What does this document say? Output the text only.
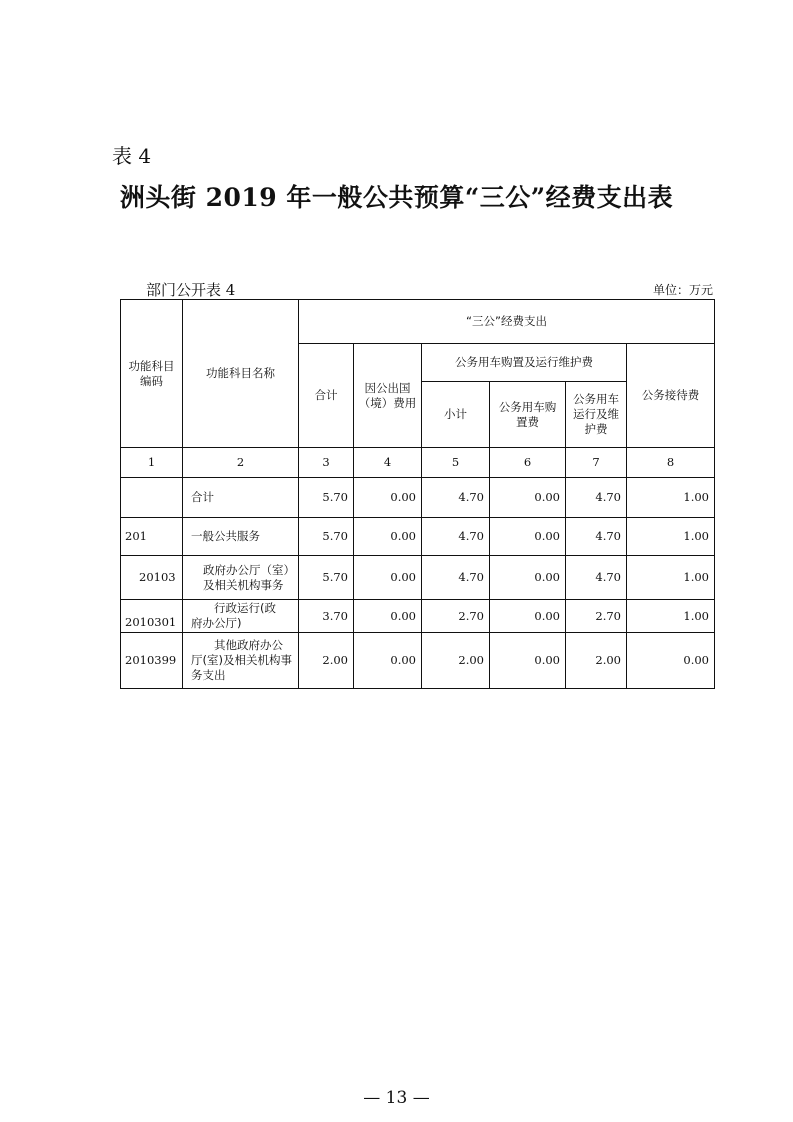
表 4
洲头街 2019 年一般公共预算“三公”经费支出表
部门公开表 4	单位：万元
功能科目编码	功能科目名称	“三公”经费支出					
		合计	因公出国（境）费用	公务用车购置及运行维护费			公务接待费
				小计	公务用车购置费	公务用车运行及维护费	
1	2	3	4	5	6	7	8
	合计	5.70	0.00	4.70	0.00	4.70	1.00
201	一般公共服务	5.70	0.00	4.70	0.00	4.70	1.00
20103	政府办公厅（室）及相关机构事务	5.70	0.00	4.70	0.00	4.70	1.00
2010301	行政运行(政府办公厅)	3.70	0.00	2.70	0.00	2.70	1.00
2010399	其他政府办公厅(室)及相关机构事务支出	2.00	0.00	2.00	0.00	2.00	0.00
— 13 —
